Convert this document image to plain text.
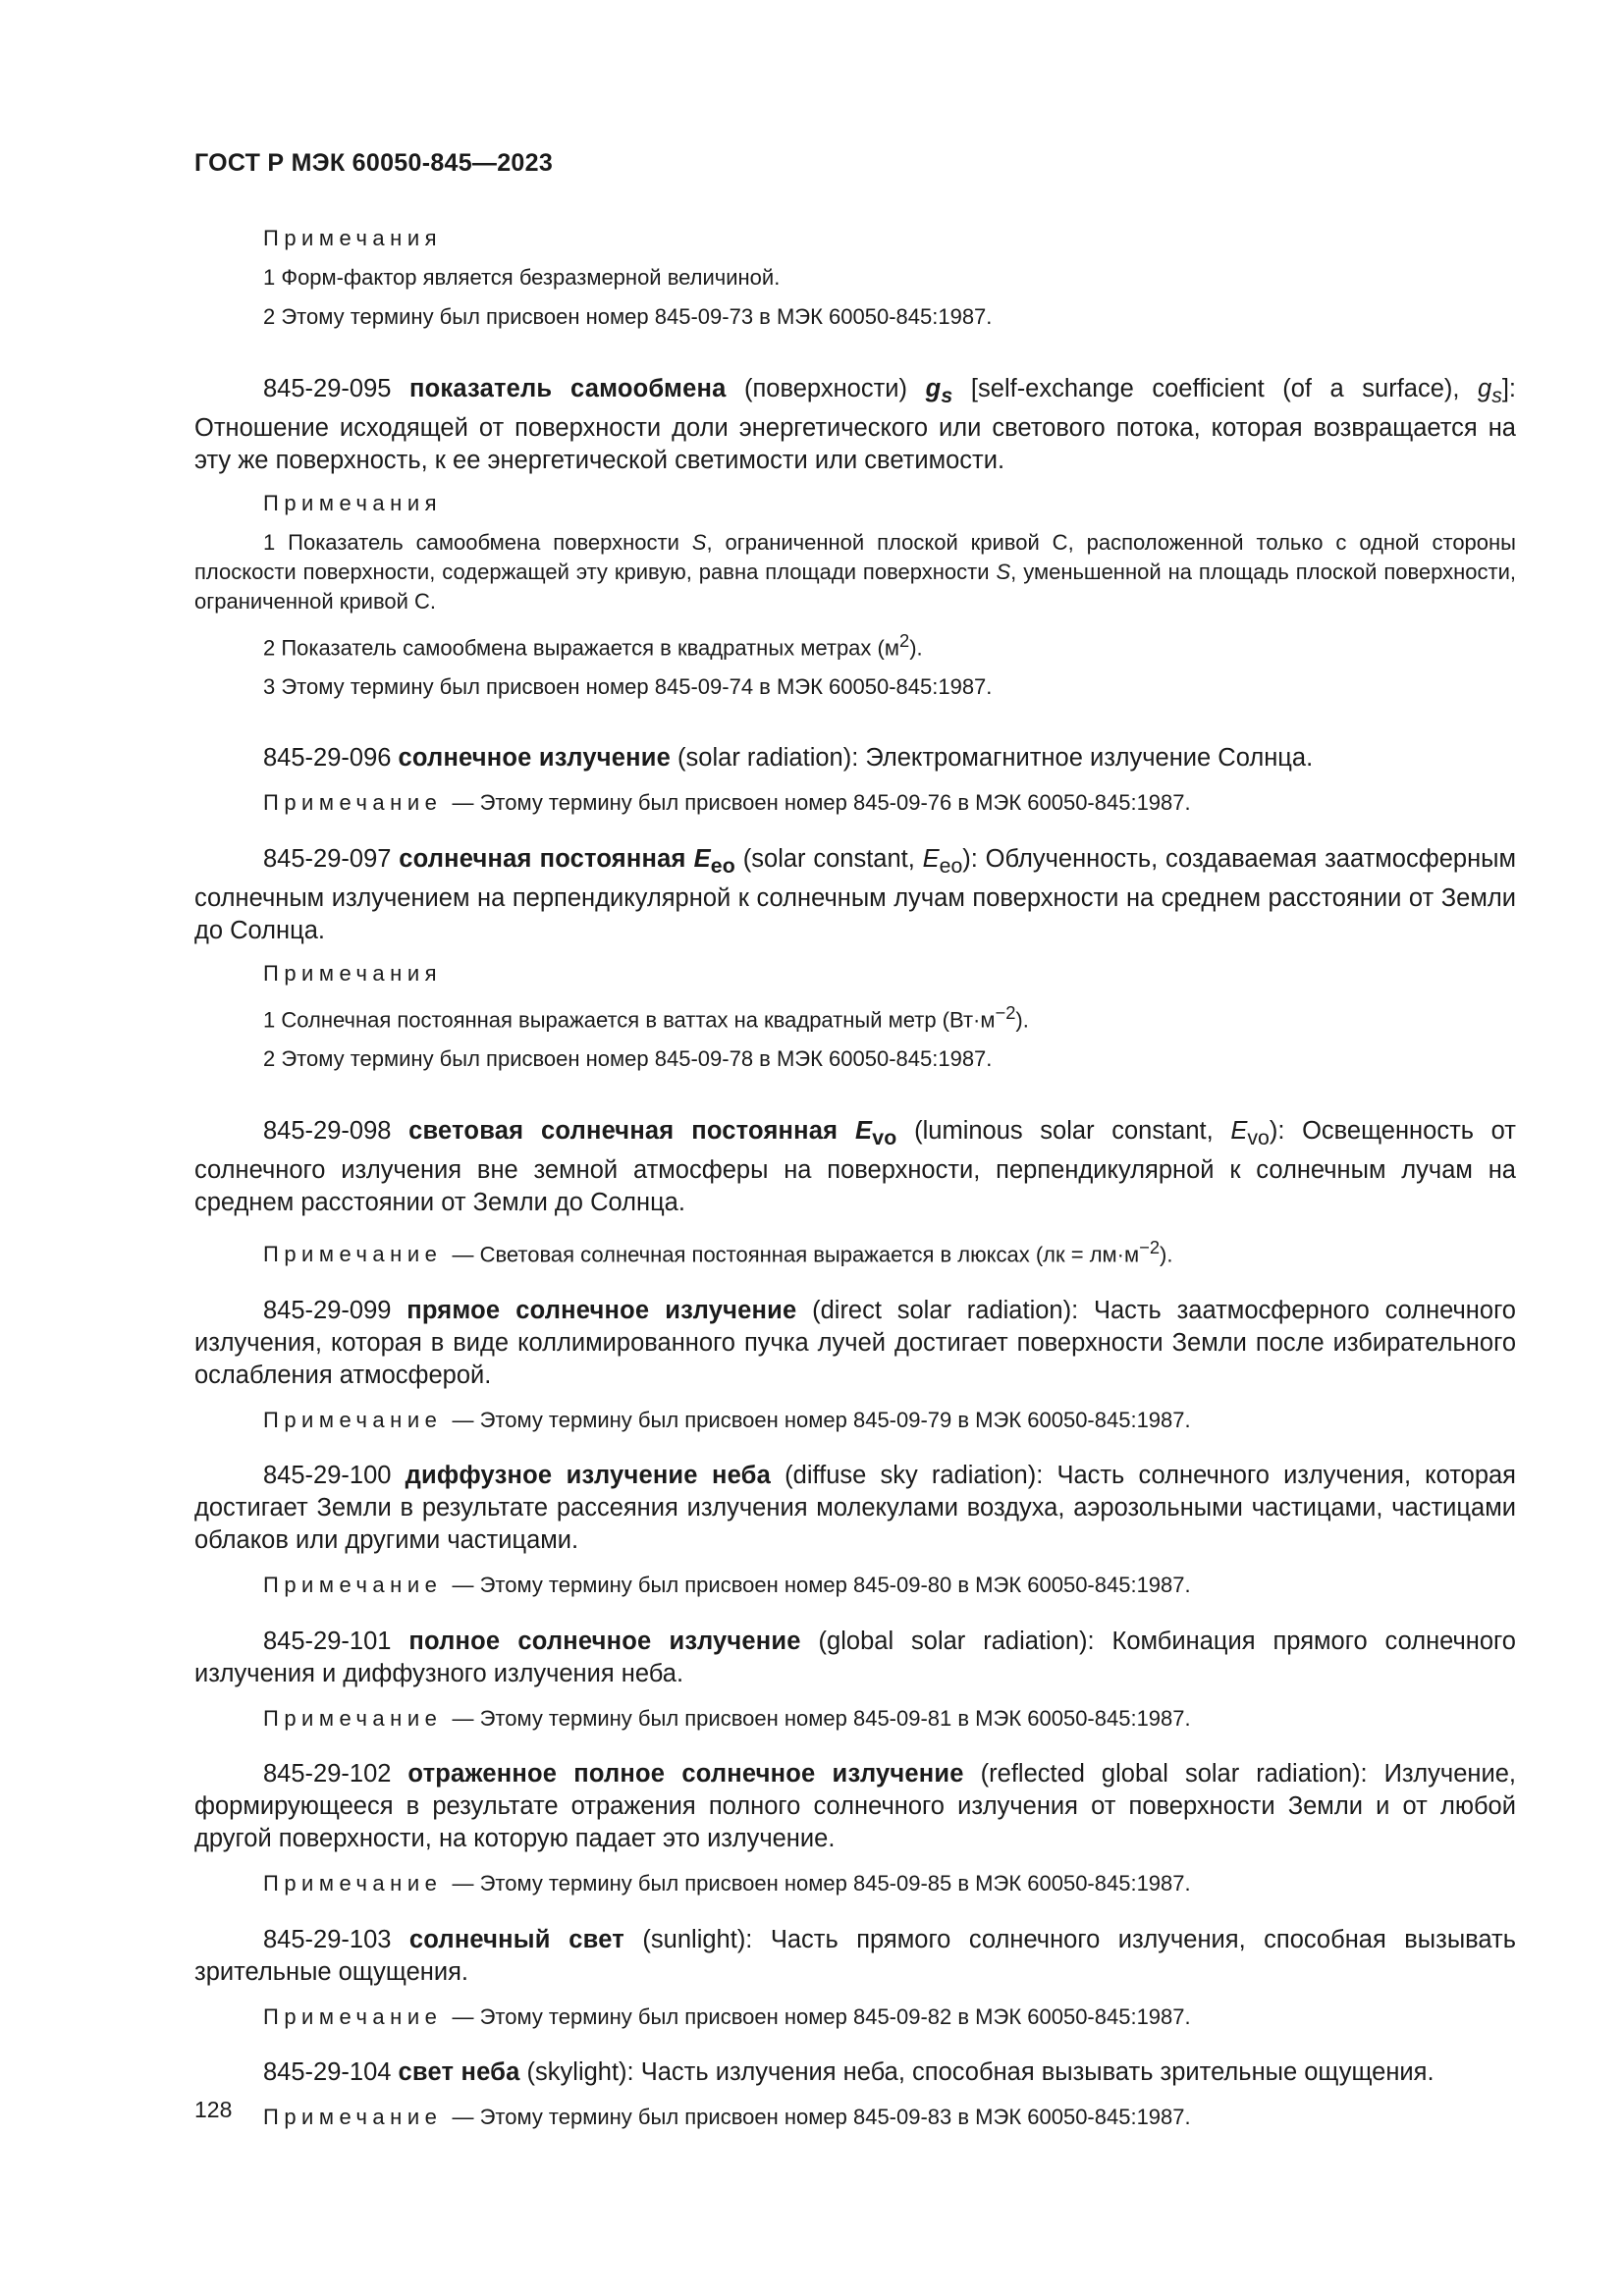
ГОСТ Р МЭК 60050-845—2023
Примечания
1 Форм-фактор является безразмерной величиной.
2 Этому термину был присвоен номер 845-09-73 в МЭК 60050-845:1987.

845-29-095 показатель самообмена (поверхности) $g_s$ [self-exchange coefficient (of a surface), $g_s$]: Отношение исходящей от поверхности доли энергетического или светового потока, которая возвращается на эту же поверхность, к ее энергетической светимости или светимости.

Примечания
1 Показатель самообмена поверхности S, ограниченной плоской кривой C, расположенной только с одной стороны плоскости поверхности, содержащей эту кривую, равна площади поверхности S, уменьшенной на площадь плоской поверхности, ограниченной кривой C.
2 Показатель самообмена выражается в квадратных метрах $(м^2)$.
3 Этому термину был присвоен номер 845-09-74 в МЭК 60050-845:1987.

845-29-096 солнечное излучение (solar radiation): Электромагнитное излучение Солнца.

Примечание — Этому термину был присвоен номер 845-09-76 в МЭК 60050-845:1987.

845-29-097 солнечная постоянная $E_{eo}$ (solar constant, $E_{eo}$): Облученность, создаваемая заатмосферным солнечным излучением на перпендикулярной к солнечным лучам поверхности на среднем расстоянии от Земли до Солнца.

Примечания
1 Солнечная постоянная выражается в ваттах на квадратный метр $(Вт\cdot м^{-2})$.
2 Этому термину был присвоен номер 845-09-78 в МЭК 60050-845:1987.

845-29-098 световая солнечная постоянная $E_{vo}$ (luminous solar constant, $E_{vo}$): Освещенность от солнечного излучения вне земной атмосферы на поверхности, перпендикулярной к солнечным лучам на среднем расстоянии от Земли до Солнца.

Примечание — Световая солнечная постоянная выражается в люксах $(лк = лм\cdot м^{-2})$.

845-29-099 прямое солнечное излучение (direct solar radiation): Часть заатмосферного солнечного излучения, которая в виде коллимированного пучка лучей достигает поверхности Земли после избирательного ослабления атмосферой.

Примечание — Этому термину был присвоен номер 845-09-79 в МЭК 60050-845:1987.

845-29-100 диффузное излучение неба (diffuse sky radiation): Часть солнечного излучения, которая достигает Земли в результате рассеяния излучения молекулами воздуха, аэрозольными частицами, частицами облаков или другими частицами.

Примечание — Этому термину был присвоен номер 845-09-80 в МЭК 60050-845:1987.

845-29-101 полное солнечное излучение (global solar radiation): Комбинация прямого солнечного излучения и диффузного излучения неба.

Примечание — Этому термину был присвоен номер 845-09-81 в МЭК 60050-845:1987.

845-29-102 отраженное полное солнечное излучение (reflected global solar radiation): Излучение, формирующееся в результате отражения полного солнечного излучения от поверхности Земли и от любой другой поверхности, на которую падает это излучение.

Примечание — Этому термину был присвоен номер 845-09-85 в МЭК 60050-845:1987.

845-29-103 солнечный свет (sunlight): Часть прямого солнечного излучения, способная вызывать зрительные ощущения.

Примечание — Этому термину был присвоен номер 845-09-82 в МЭК 60050-845:1987.

845-29-104 свет неба (skylight): Часть излучения неба, способная вызывать зрительные ощущения.

Примечание — Этому термину был присвоен номер 845-09-83 в МЭК 60050-845:1987.
128
